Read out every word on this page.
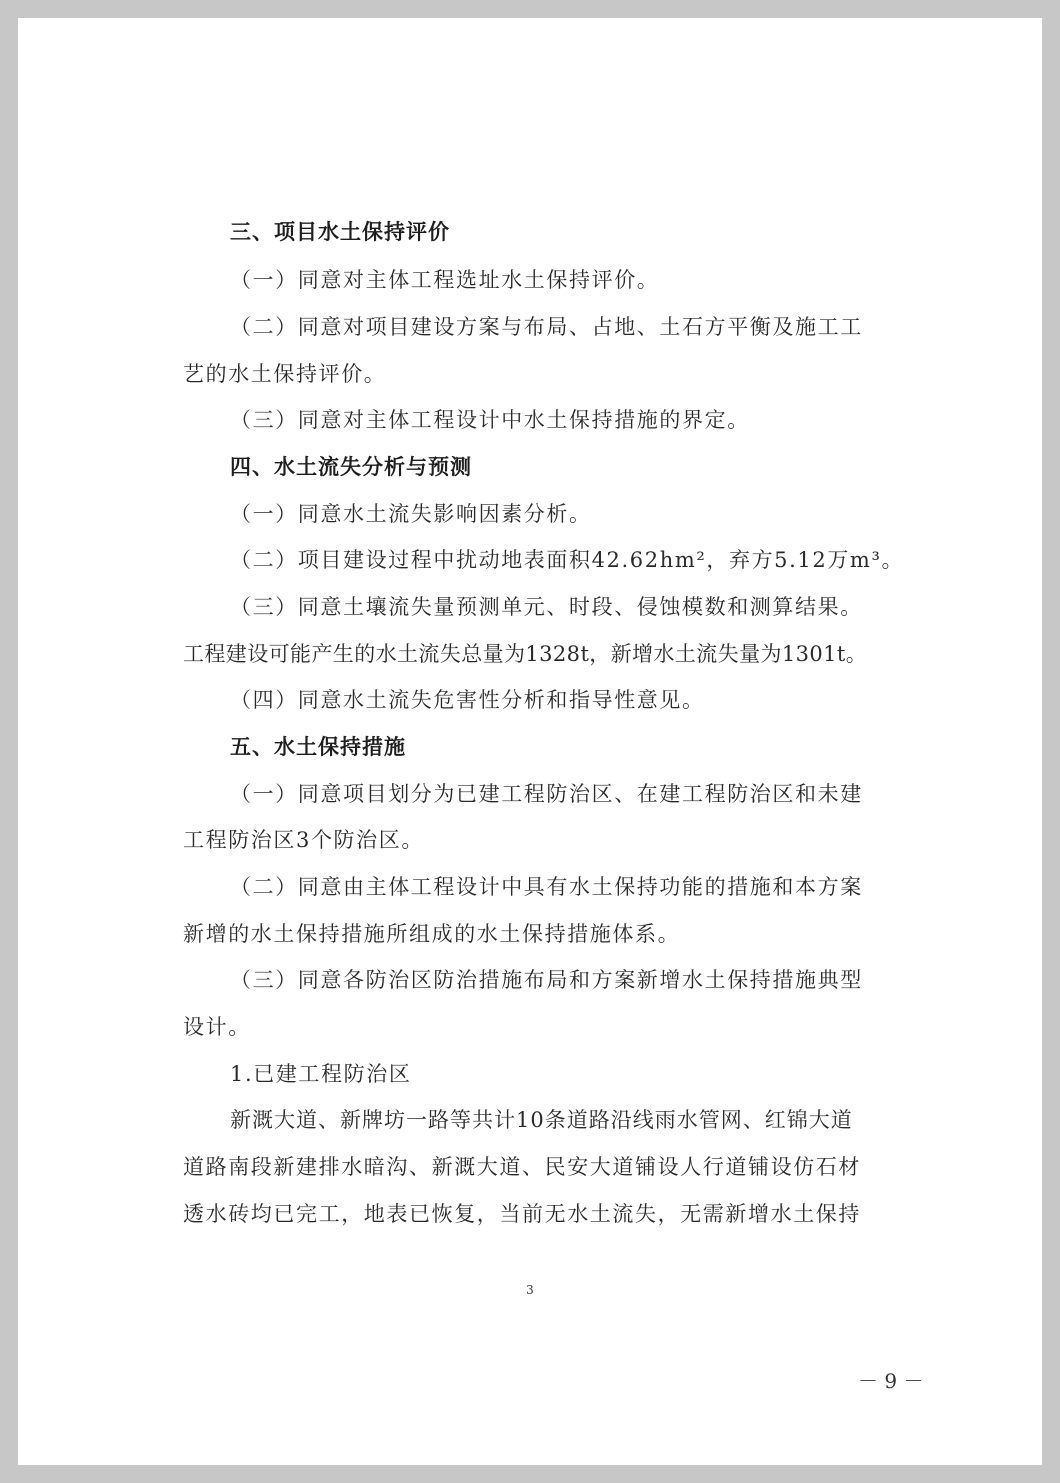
三、项目水土保持评价
（一）同意对主体工程选址水土保持评价。
（二）同意对项目建设方案与布局、占地、土石方平衡及施工工
艺的水土保持评价。
（三）同意对主体工程设计中水土保持措施的界定。
四、水土流失分析与预测
（一）同意水土流失影响因素分析。
（二）项目建设过程中扰动地表面积42.62hm²，弃方5.12万m³。
（三）同意土壤流失量预测单元、时段、侵蚀模数和测算结果。
工程建设可能产生的水土流失总量为1328t，新增水土流失量为1301t。
（四）同意水土流失危害性分析和指导性意见。
五、水土保持措施
（一）同意项目划分为已建工程防治区、在建工程防治区和未建
工程防治区3个防治区。
（二）同意由主体工程设计中具有水土保持功能的措施和本方案
新增的水土保持措施所组成的水土保持措施体系。
（三）同意各防治区防治措施布局和方案新增水土保持措施典型
设计。
1.已建工程防治区
新溉大道、新牌坊一路等共计10条道路沿线雨水管网、红锦大道
道路南段新建排水暗沟、新溉大道、民安大道铺设人行道铺设仿石材
透水砖均已完工，地表已恢复，当前无水土流失，无需新增水土保持
3
－ 9 －
